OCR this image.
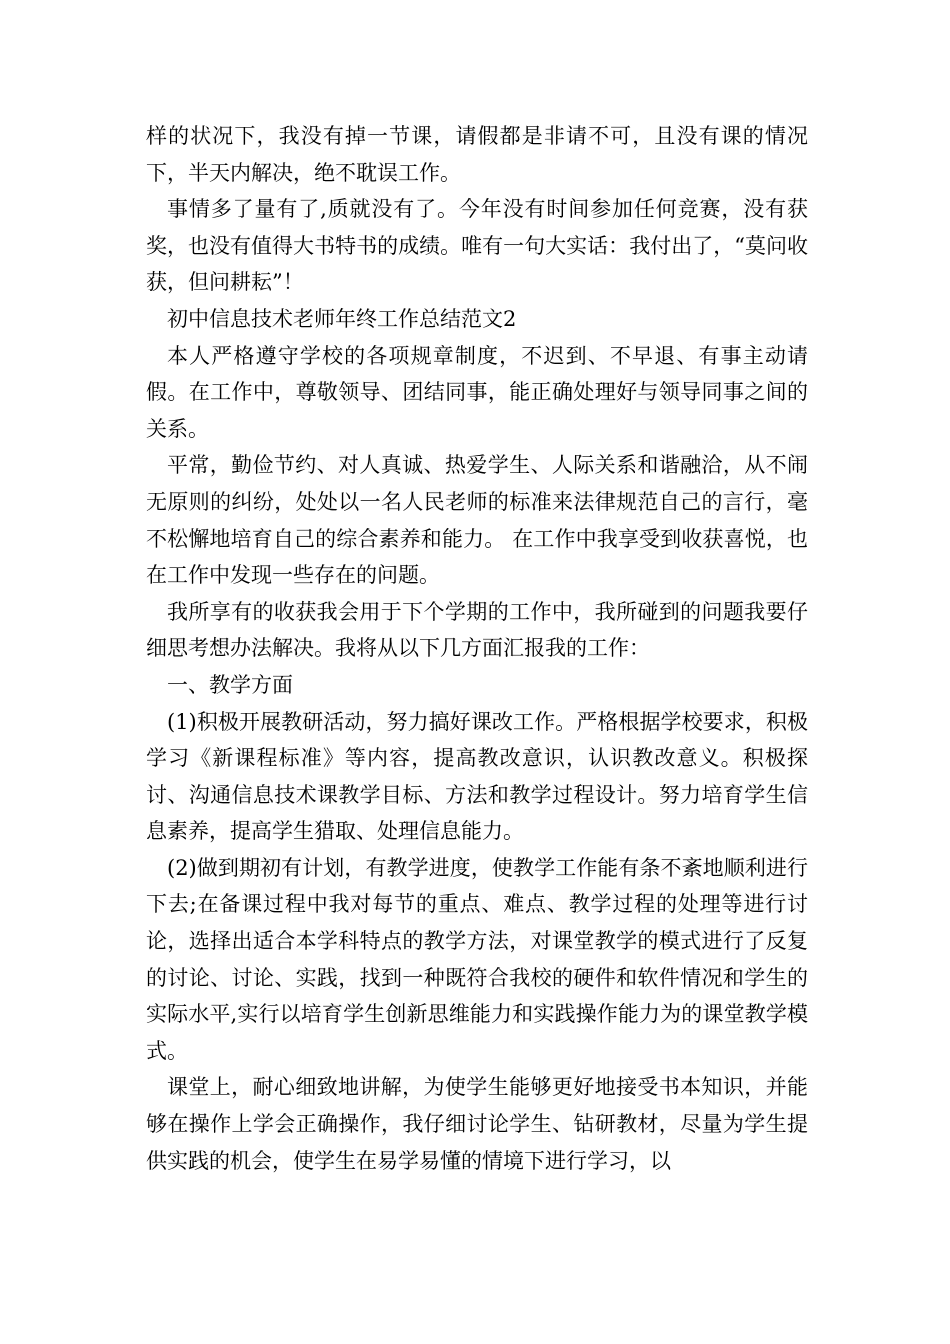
样的状况下，我没有掉一节课，请假都是非请不可，且没有课的情况下，半天内解决，绝不耽误工作。

事情多了量有了,质就没有了。今年没有时间参加任何竞赛，没有获奖，也没有值得大书特书的成绩。唯有一句大实话：我付出了，“莫问收获，但问耕耘”！

初中信息技术老师年终工作总结范文2

本人严格遵守学校的各项规章制度，不迟到、不早退、有事主动请假。在工作中，尊敬领导、团结同事，能正确处理好与领导同事之间的关系。

平常，勤俭节约、对人真诚、热爱学生、人际关系和谐融洽，从不闹无原则的纠纷，处处以一名人民老师的标准来法律规范自己的言行，毫不松懈地培育自己的综合素养和能力。 在工作中我享受到收获喜悦，也在工作中发现一些存在的问题。

我所享有的收获我会用于下个学期的工作中，我所碰到的问题我要仔细思考想办法解决。我将从以下几方面汇报我的工作：

一、教学方面

(1)积极开展教研活动，努力搞好课改工作。严格根据学校要求，积极学习《新课程标准》等内容，提高教改意识，认识教改意义。积极探讨、沟通信息技术课教学目标、方法和教学过程设计。努力培育学生信息素养，提高学生猎取、处理信息能力。

(2)做到期初有计划，有教学进度，使教学工作能有条不紊地顺利进行下去;在备课过程中我对每节的重点、难点、教学过程的处理等进行讨论，选择出适合本学科特点的教学方法，对课堂教学的模式进行了反复的讨论、讨论、实践，找到一种既符合我校的硬件和软件情况和学生的实际水平,实行以培育学生创新思维能力和实践操作能力为的课堂教学模式。

课堂上，耐心细致地讲解，为使学生能够更好地接受书本知识，并能够在操作上学会正确操作，我仔细讨论学生、钻研教材，尽量为学生提供实践的机会，使学生在易学易懂的情境下进行学习，以
